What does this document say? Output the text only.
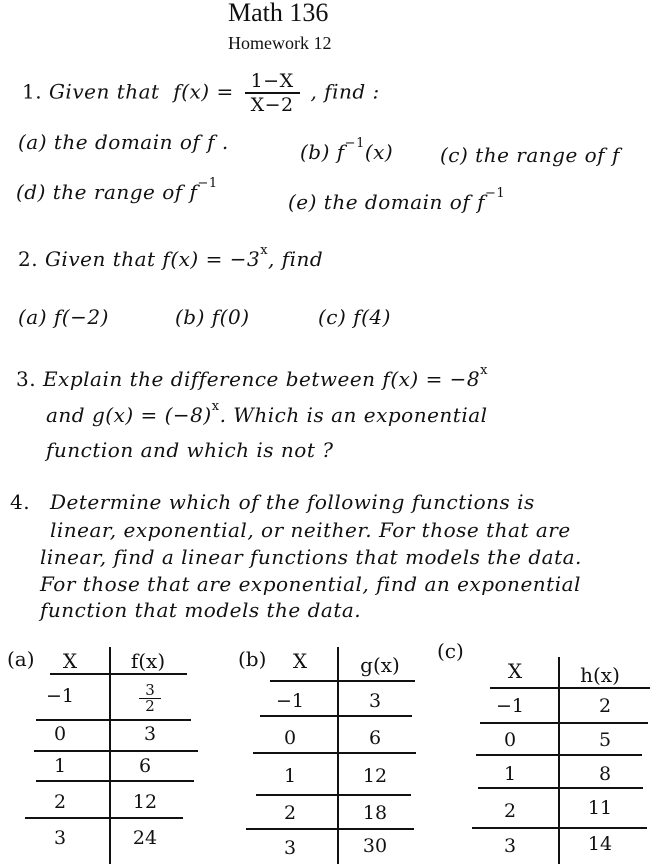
Math 136
Homework 12
1. Given that $f(x) = \frac{1-X}{X-2}$ , find :
(a) the domain of f .	(b) $f^{-1}(x)$ (c) the range of f
(d) the range of $f^{-1}$
(e) the domain of $f^{-1}$
2. Given that $f(x) = -3^x$, find
(a) f(−2)	(b) f(0)	(c) f(4)
3. Explain the difference between $f(x) = -8^x$
and $g(x) = (-8)^x$. Which is an exponential
function and which is not ?
4. Determine which of the following functions is
linear, exponential, or neither. For those that are
linear, find a linear functions that models the data.
For those that are exponential, find an exponential
function that models the data.
(a)	X	f(x)
−1	$\frac{3}{2}$
0	3
1	6
2	12
3	24
(b)	X	g(x)
−1	3
0	6
1	12
2	18
3	30
(c)
X	h(x)
−1	2
0	5
1	8
2	11
3	14
